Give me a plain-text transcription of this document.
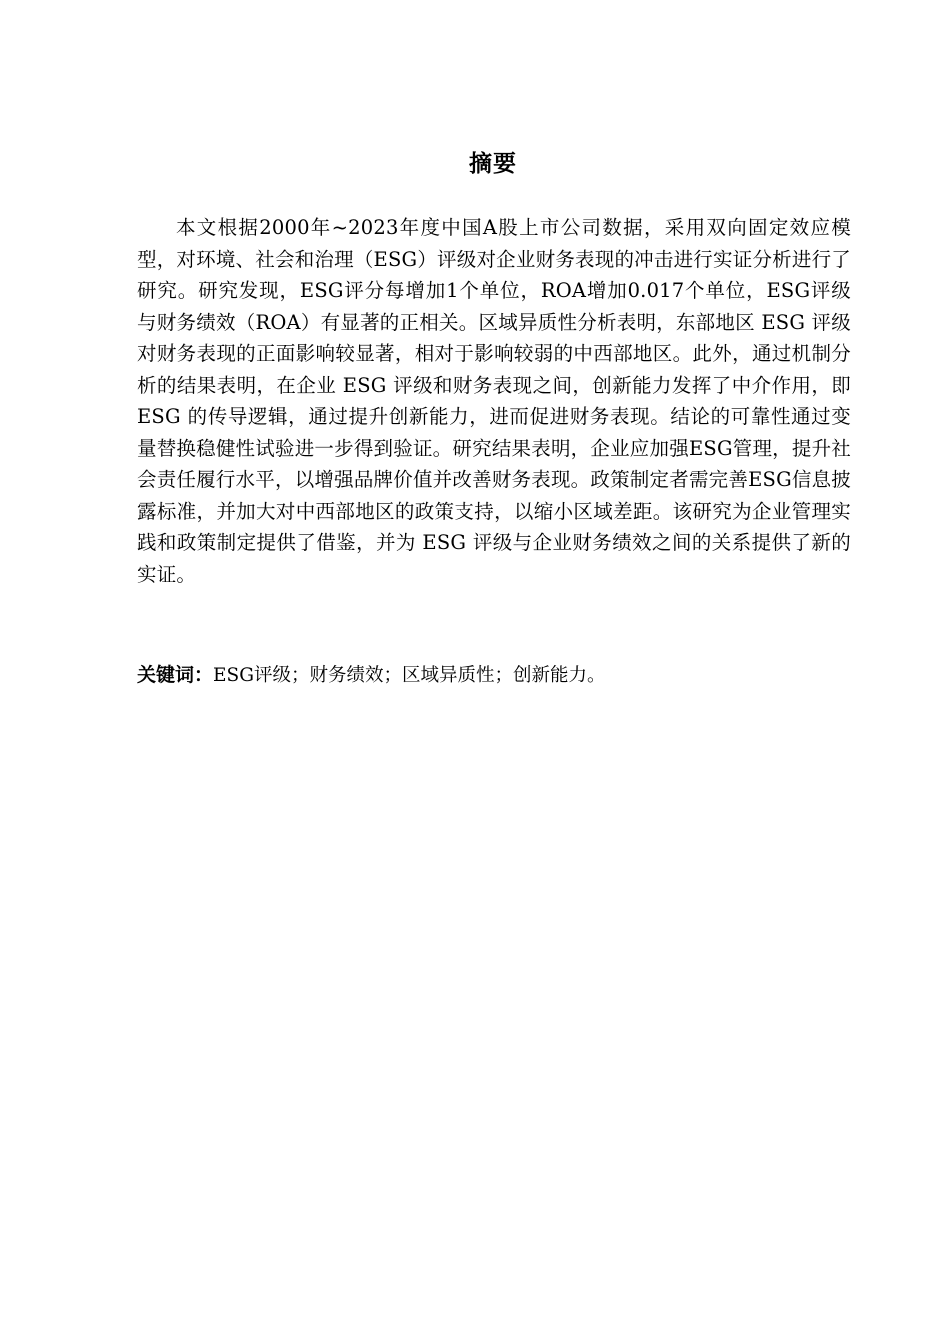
摘要

本文根据2000年~2023年度中国A股上市公司数据，采用双向固定效应模型，对环境、社会和治理（ESG）评级对企业财务表现的冲击进行实证分析进行了研究。研究发现，ESG评分每增加1个单位，ROA增加0.017个单位，ESG评级与财务绩效（ROA）有显著的正相关。区域异质性分析表明，东部地区 ESG 评级对财务表现的正面影响较显著，相对于影响较弱的中西部地区。此外，通过机制分析的结果表明，在企业 ESG 评级和财务表现之间，创新能力发挥了中介作用，即 ESG 的传导逻辑，通过提升创新能力，进而促进财务表现。结论的可靠性通过变量替换稳健性试验进一步得到验证。研究结果表明，企业应加强ESG管理，提升社会责任履行水平，以增强品牌价值并改善财务表现。政策制定者需完善ESG信息披露标准，并加大对中西部地区的政策支持，以缩小区域差距。该研究为企业管理实践和政策制定提供了借鉴，并为 ESG 评级与企业财务绩效之间的关系提供了新的实证。

关键词：ESG评级；财务绩效；区域异质性；创新能力。
